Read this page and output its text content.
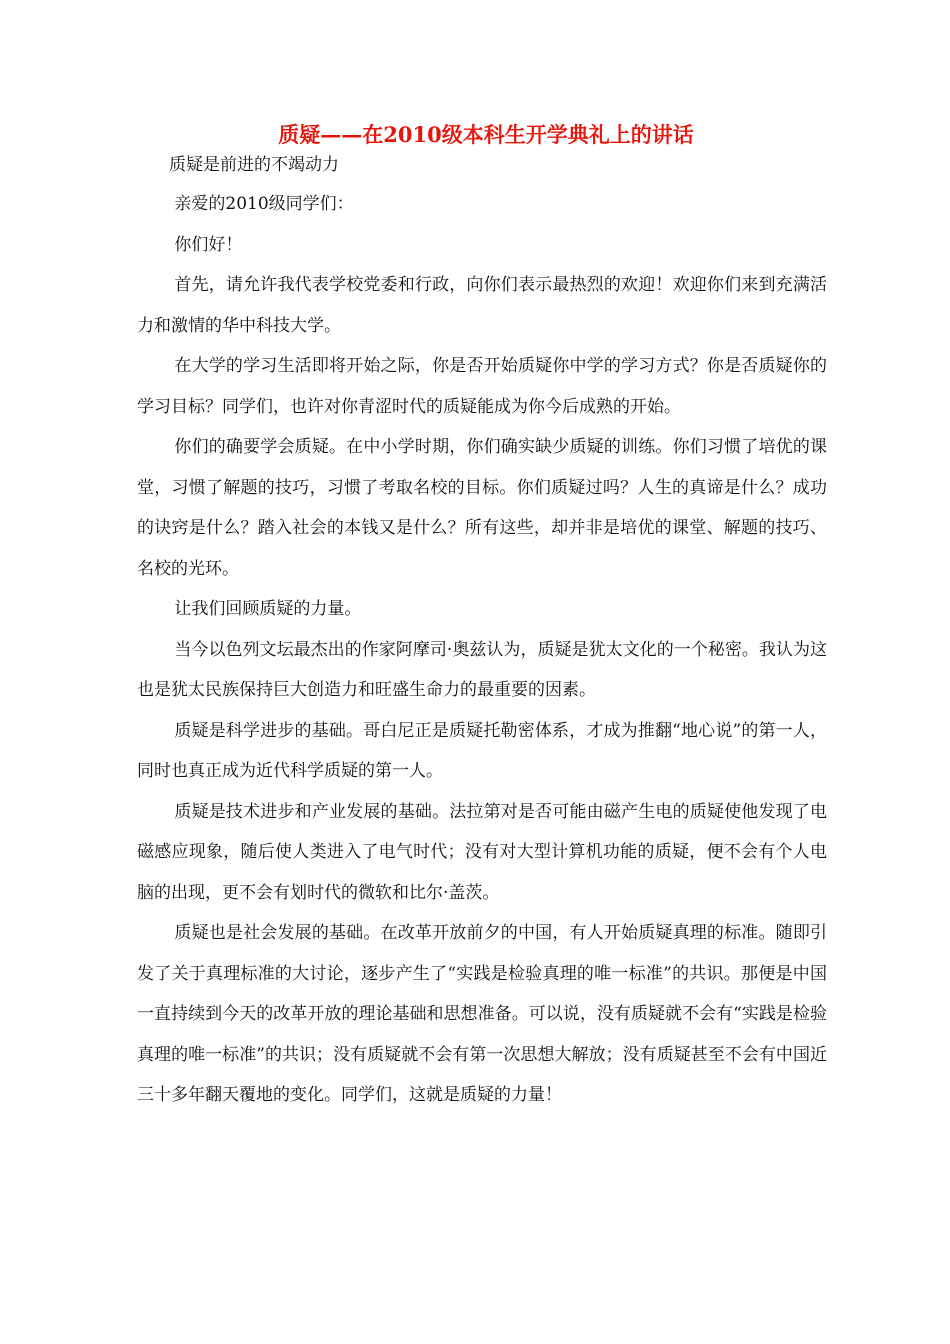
质疑——在2010级本科生开学典礼上的讲话

质疑是前进的不竭动力

亲爱的2010级同学们：

你们好！

首先，请允许我代表学校党委和行政，向你们表示最热烈的欢迎！欢迎你们来到充满活力和激情的华中科技大学。

在大学的学习生活即将开始之际，你是否开始质疑你中学的学习方式？你是否质疑你的学习目标？同学们，也许对你青涩时代的质疑能成为你今后成熟的开始。

你们的确要学会质疑。在中小学时期，你们确实缺少质疑的训练。你们习惯了培优的课堂，习惯了解题的技巧，习惯了考取名校的目标。你们质疑过吗？人生的真谛是什么？成功的诀窍是什么？踏入社会的本钱又是什么？所有这些，却并非是培优的课堂、解题的技巧、名校的光环。

让我们回顾质疑的力量。

当今以色列文坛最杰出的作家阿摩司·奥兹认为，质疑是犹太文化的一个秘密。我认为这也是犹太民族保持巨大创造力和旺盛生命力的最重要的因素。

质疑是科学进步的基础。哥白尼正是质疑托勒密体系，才成为推翻“地心说”的第一人，同时也真正成为近代科学质疑的第一人。

质疑是技术进步和产业发展的基础。法拉第对是否可能由磁产生电的质疑使他发现了电磁感应现象，随后使人类进入了电气时代；没有对大型计算机功能的质疑，便不会有个人电脑的出现，更不会有划时代的微软和比尔·盖茨。

质疑也是社会发展的基础。在改革开放前夕的中国，有人开始质疑真理的标准。随即引发了关于真理标准的大讨论，逐步产生了“实践是检验真理的唯一标准”的共识。那便是中国一直持续到今天的改革开放的理论基础和思想准备。可以说，没有质疑就不会有“实践是检验真理的唯一标准”的共识；没有质疑就不会有第一次思想大解放；没有质疑甚至不会有中国近三十多年翻天覆地的变化。同学们，这就是质疑的力量！
